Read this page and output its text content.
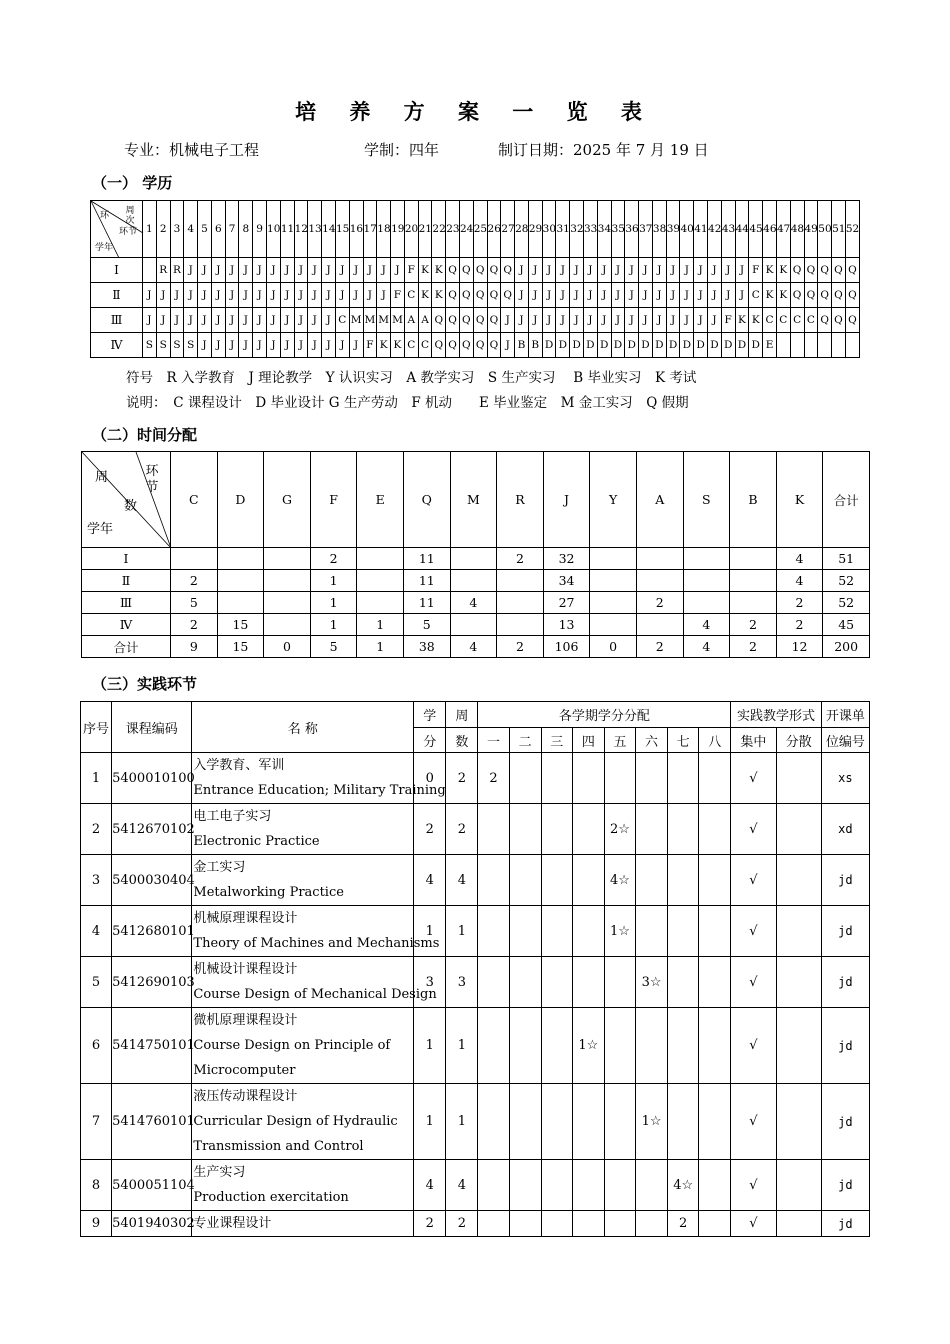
培 养 方 案 一 览 表
专业：机械电子工程	学制：四年	制订日期：2025 年 7 月 19 日
（一） 学历
环 周次
环节
学年	1	2	3	4	5	6	7	8	9	10	11	12	13	14	15	16	17	18	19	20	21	22	23	24	25	26	27	28	29	30	31	32	33	34	35	36	37	38	39	40	41	42	43	44	45	46	47	48	49	50	51	52
Ⅰ		R	R	J	J	J	J	J	J	J	J	J	J	J	J	J	J	J	J	F	K	K	Q	Q	Q	Q	Q	J	J	J	J	J	J	J	J	J	J	J	J	J	J	J	J	J	F	K	K	Q	Q	Q	Q	Q
Ⅱ	J	J	J	J	J	J	J	J	J	J	J	J	J	J	J	J	J	J	F	C	K	K	Q	Q	Q	Q	Q	J	J	J	J	J	J	J	J	J	J	J	J	J	J	J	J	J	C	K	K	Q	Q	Q	Q	Q
Ⅲ	J	J	J	J	J	J	J	J	J	J	J	J	J	J	C	M	M	M	M	A	A	Q	Q	Q	Q	Q	J	J	J	J	J	J	J	J	J	J	J	J	J	J	J	J	F	K	K	C	C	C	C	Q	Q	Q
Ⅳ	S	S	S	S	J	J	J	J	J	J	J	J	J	J	J	J	F	K	K	C	C	Q	Q	Q	Q	Q	J	B	B	D	D	D	D	D	D	D	D	D	D	D	D	D	D	D	D	E						
符号　R 入学教育　J 理论教学　Y 认识实习　A 教学实习　S 生产实习　 B 毕业实习　K 考试
说明：　C 课程设计　D 毕业设计 G 生产劳动　F 机动　　E 毕业鉴定　M 金工实习　Q 假期
（二）时间分配
周 环节
数
学年	C	D	G	F	E	Q	M	R	J	Y	A	S	B	K	合计
Ⅰ				2		11		2	32					4	51
Ⅱ	2			1		11			34					4	52
Ⅲ	5			1		11	4		27		2			2	52
Ⅳ	2	15		1	1	5			13			4	2	2	45
合计	9	15	0	5	1	38	4	2	106	0	2	4	2	12	200
（三）实践环节
序号	课程编码	名 称	学	周	各学期学分分配								实践教学形式		开课单
			分	数	一	二	三	四	五	六	七	八	集中	分散	位编号
1	5400010100	入学教育、军训
Entrance Education; Military Training	0	2	2								√		xs
2	5412670102	电工电子实习
Electronic Practice	2	2					2☆				√		xd
3	5400030404	金工实习
Metalworking Practice	4	4					4☆				√		jd
4	5412680101	机械原理课程设计
Theory of Machines and Mechanisms	1	1					1☆				√		jd
5	5412690103	机械设计课程设计
Course Design of Mechanical Design	3	3						3☆			√		jd
6	5414750101	微机原理课程设计
Course Design on Principle of
Microcomputer	1	1				1☆					√		jd
7	5414760101	液压传动课程设计
Curricular Design of Hydraulic
Transmission and Control	1	1						1☆			√		jd
8	5400051104	生产实习
Production exercitation	4	4							4☆		√		jd
9	5401940302	专业课程设计	2	2							2		√		jd
